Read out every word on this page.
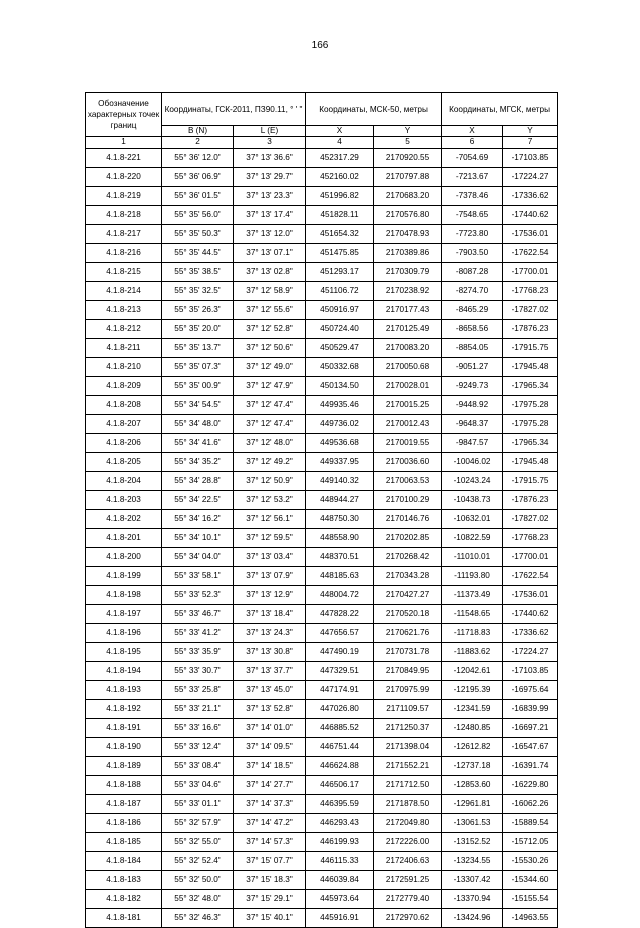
166
Обозначение характерных точек границ	Координаты, ГСК-2011, ПЗ90.11, ° ' "		Координаты, МСК-50, метры		Координаты, МГСК, метры	
	B (N)	L (E)	X	Y	X	Y
1	2	3	4	5	6	7
4.1.8-221	55° 36' 12.0"	37° 13' 36.6"	452317.29	2170920.55	-7054.69	-17103.85
4.1.8-220	55° 36' 06.9"	37° 13' 29.7"	452160.02	2170797.88	-7213.67	-17224.27
4.1.8-219	55° 36' 01.5"	37° 13' 23.3"	451996.82	2170683.20	-7378.46	-17336.62
4.1.8-218	55° 35' 56.0"	37° 13' 17.4"	451828.11	2170576.80	-7548.65	-17440.62
4.1.8-217	55° 35' 50.3"	37° 13' 12.0"	451654.32	2170478.93	-7723.80	-17536.01
4.1.8-216	55° 35' 44.5"	37° 13' 07.1"	451475.85	2170389.86	-7903.50	-17622.54
4.1.8-215	55° 35' 38.5"	37° 13' 02.8"	451293.17	2170309.79	-8087.28	-17700.01
4.1.8-214	55° 35' 32.5"	37° 12' 58.9"	451106.72	2170238.92	-8274.70	-17768.23
4.1.8-213	55° 35' 26.3"	37° 12' 55.6"	450916.97	2170177.43	-8465.29	-17827.02
4.1.8-212	55° 35' 20.0"	37° 12' 52.8"	450724.40	2170125.49	-8658.56	-17876.23
4.1.8-211	55° 35' 13.7"	37° 12' 50.6"	450529.47	2170083.20	-8854.05	-17915.75
4.1.8-210	55° 35' 07.3"	37° 12' 49.0"	450332.68	2170050.68	-9051.27	-17945.48
4.1.8-209	55° 35' 00.9"	37° 12' 47.9"	450134.50	2170028.01	-9249.73	-17965.34
4.1.8-208	55° 34' 54.5"	37° 12' 47.4"	449935.46	2170015.25	-9448.92	-17975.28
4.1.8-207	55° 34' 48.0"	37° 12' 47.4"	449736.02	2170012.43	-9648.37	-17975.28
4.1.8-206	55° 34' 41.6"	37° 12' 48.0"	449536.68	2170019.55	-9847.57	-17965.34
4.1.8-205	55° 34' 35.2"	37° 12' 49.2"	449337.95	2170036.60	-10046.02	-17945.48
4.1.8-204	55° 34' 28.8"	37° 12' 50.9"	449140.32	2170063.53	-10243.24	-17915.75
4.1.8-203	55° 34' 22.5"	37° 12' 53.2"	448944.27	2170100.29	-10438.73	-17876.23
4.1.8-202	55° 34' 16.2"	37° 12' 56.1"	448750.30	2170146.76	-10632.01	-17827.02
4.1.8-201	55° 34' 10.1"	37° 12' 59.5"	448558.90	2170202.85	-10822.59	-17768.23
4.1.8-200	55° 34' 04.0"	37° 13' 03.4"	448370.51	2170268.42	-11010.01	-17700.01
4.1.8-199	55° 33' 58.1"	37° 13' 07.9"	448185.63	2170343.28	-11193.80	-17622.54
4.1.8-198	55° 33' 52.3"	37° 13' 12.9"	448004.72	2170427.27	-11373.49	-17536.01
4.1.8-197	55° 33' 46.7"	37° 13' 18.4"	447828.22	2170520.18	-11548.65	-17440.62
4.1.8-196	55° 33' 41.2"	37° 13' 24.3"	447656.57	2170621.76	-11718.83	-17336.62
4.1.8-195	55° 33' 35.9"	37° 13' 30.8"	447490.19	2170731.78	-11883.62	-17224.27
4.1.8-194	55° 33' 30.7"	37° 13' 37.7"	447329.51	2170849.95	-12042.61	-17103.85
4.1.8-193	55° 33' 25.8"	37° 13' 45.0"	447174.91	2170975.99	-12195.39	-16975.64
4.1.8-192	55° 33' 21.1"	37° 13' 52.8"	447026.80	2171109.57	-12341.59	-16839.99
4.1.8-191	55° 33' 16.6"	37° 14' 01.0"	446885.52	2171250.37	-12480.85	-16697.21
4.1.8-190	55° 33' 12.4"	37° 14' 09.5"	446751.44	2171398.04	-12612.82	-16547.67
4.1.8-189	55° 33' 08.4"	37° 14' 18.5"	446624.88	2171552.21	-12737.18	-16391.74
4.1.8-188	55° 33' 04.6"	37° 14' 27.7"	446506.17	2171712.50	-12853.60	-16229.80
4.1.8-187	55° 33' 01.1"	37° 14' 37.3"	446395.59	2171878.50	-12961.81	-16062.26
4.1.8-186	55° 32' 57.9"	37° 14' 47.2"	446293.43	2172049.80	-13061.53	-15889.54
4.1.8-185	55° 32' 55.0"	37° 14' 57.3"	446199.93	2172226.00	-13152.52	-15712.05
4.1.8-184	55° 32' 52.4"	37° 15' 07.7"	446115.33	2172406.63	-13234.55	-15530.26
4.1.8-183	55° 32' 50.0"	37° 15' 18.3"	446039.84	2172591.25	-13307.42	-15344.60
4.1.8-182	55° 32' 48.0"	37° 15' 29.1"	445973.64	2172779.40	-13370.94	-15155.54
4.1.8-181	55° 32' 46.3"	37° 15' 40.1"	445916.91	2172970.62	-13424.96	-14963.55
